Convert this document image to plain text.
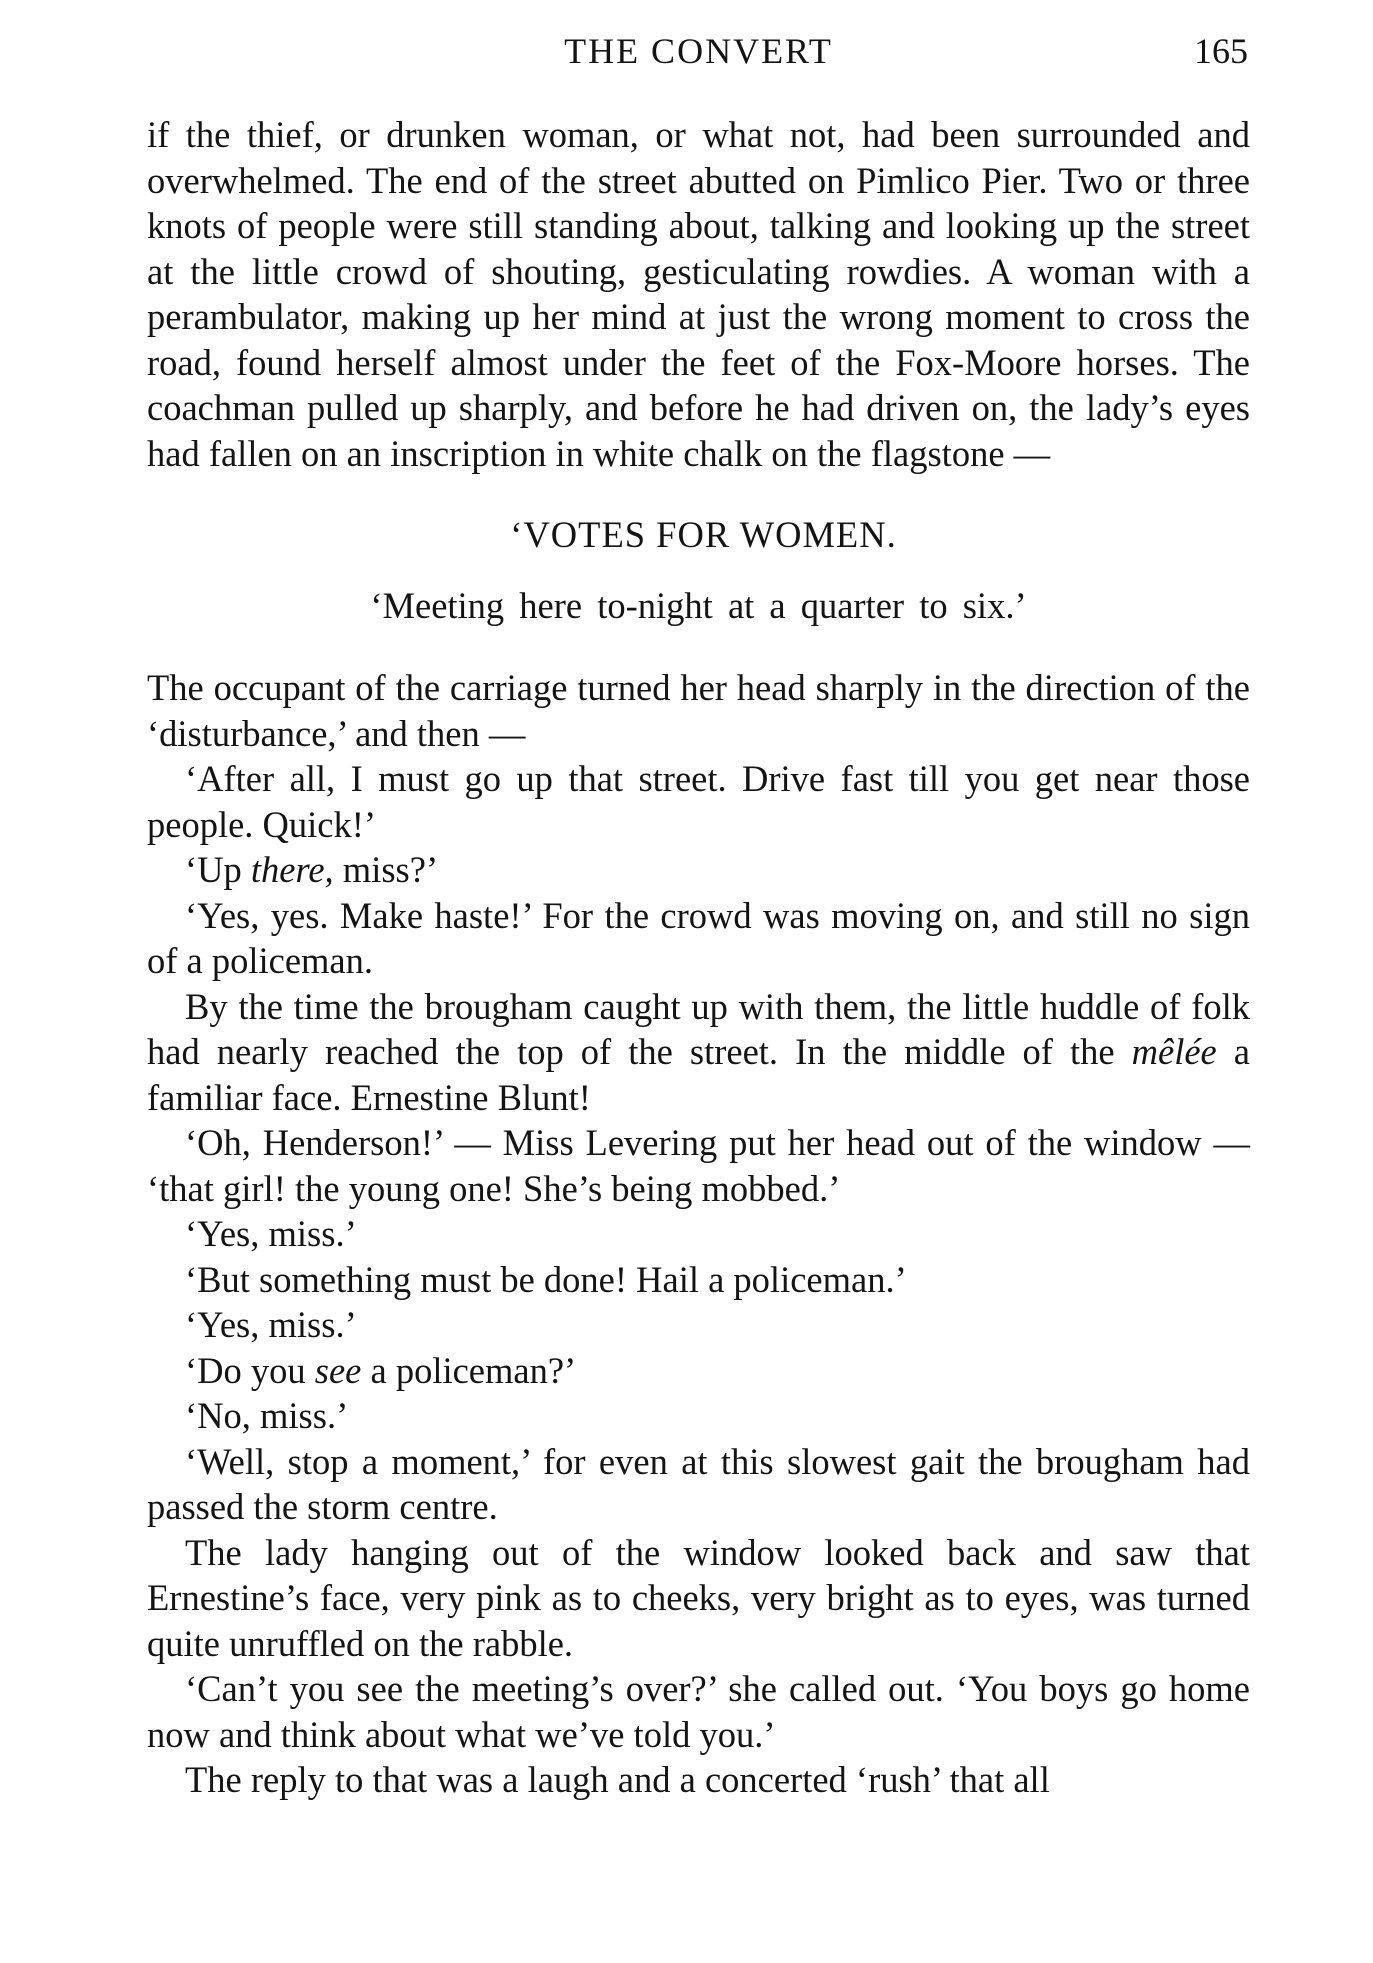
THE CONVERT	165

if the thief, or drunken woman, or what not, had been surrounded and overwhelmed. The end of the street abutted on Pimlico Pier. Two or three knots of people were still standing about, talking and looking up the street at the little crowd of shouting, gesticulating rowdies. A woman with a perambulator, making up her mind at just the wrong moment to cross the road, found herself almost under the feet of the Fox-Moore horses. The coachman pulled up sharply, and before he had driven on, the lady’s eyes had fallen on an inscription in white chalk on the flagstone —

‘VOTES FOR WOMEN.

‘Meeting here to-night at a quarter to six.’

The occupant of the carriage turned her head sharply in the direction of the ‘disturbance,’ and then —

‘After all, I must go up that street. Drive fast till you get near those people. Quick!’

‘Up there, miss?’

‘Yes, yes. Make haste!’ For the crowd was moving on, and still no sign of a policeman.

By the time the brougham caught up with them, the little huddle of folk had nearly reached the top of the street. In the middle of the mêlée a familiar face. Ernestine Blunt!

‘Oh, Henderson!’ — Miss Levering put her head out of the window — ‘that girl! the young one! She’s being mobbed.’

‘Yes, miss.’

‘But something must be done! Hail a policeman.’

‘Yes, miss.’

‘Do you see a policeman?’

‘No, miss.’

‘Well, stop a moment,’ for even at this slowest gait the brougham had passed the storm centre.

The lady hanging out of the window looked back and saw that Ernestine’s face, very pink as to cheeks, very bright as to eyes, was turned quite unruffled on the rabble.

‘Can’t you see the meeting’s over?’ she called out. ‘You boys go home now and think about what we’ve told you.’

The reply to that was a laugh and a concerted ‘rush’ that all
